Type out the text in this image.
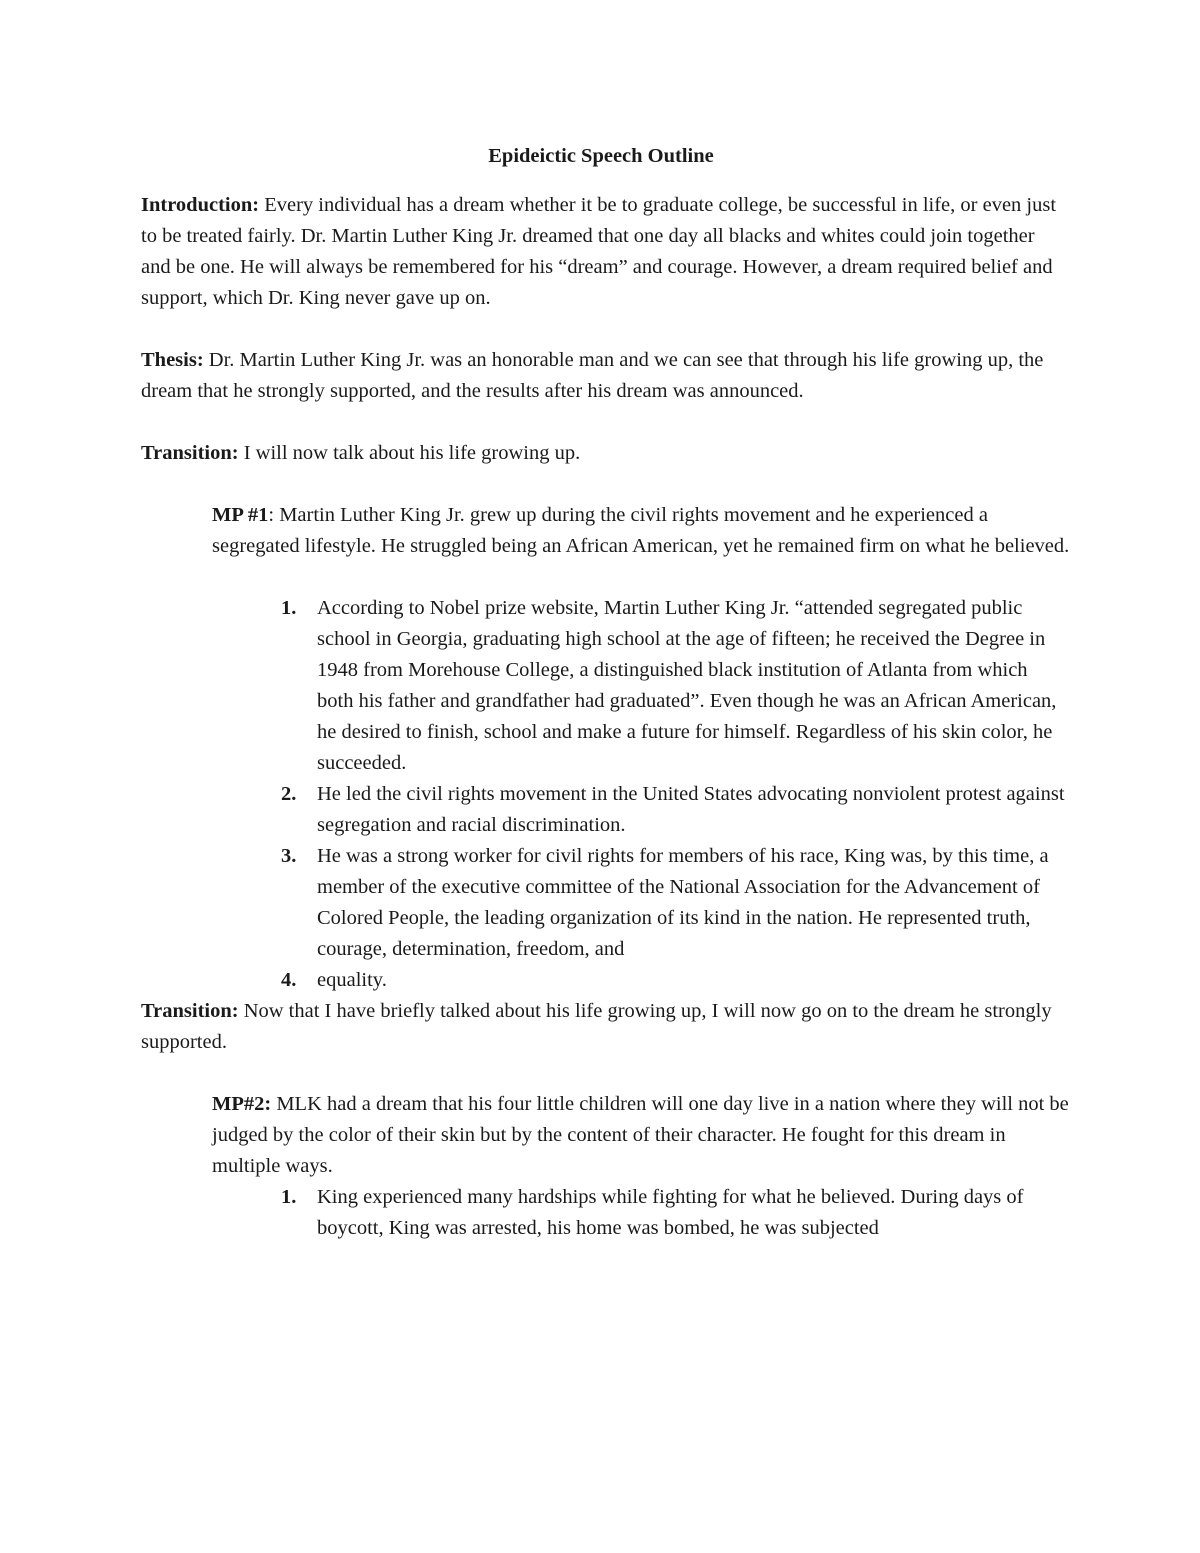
Epideictic Speech Outline

Introduction: Every individual has a dream whether it be to graduate college, be successful in life, or even just to be treated fairly. Dr. Martin Luther King Jr. dreamed that one day all blacks and whites could join together and be one. He will always be remembered for his “dream” and courage. However, a dream required belief and support, which Dr. King never gave up on.

Thesis: Dr. Martin Luther King Jr. was an honorable man and we can see that through his life growing up, the dream that he strongly supported, and the results after his dream was announced.

Transition: I will now talk about his life growing up.

MP #1: Martin Luther King Jr. grew up during the civil rights movement and he experienced a segregated lifestyle. He struggled being an African American, yet he remained firm on what he believed.

1. According to Nobel prize website, Martin Luther King Jr. “attended segregated public school in Georgia, graduating high school at the age of fifteen; he received the Degree in 1948 from Morehouse College, a distinguished black institution of Atlanta from which both his father and grandfather had graduated”. Even though he was an African American, he desired to finish, school and make a future for himself. Regardless of his skin color, he succeeded.
2. He led the civil rights movement in the United States advocating nonviolent protest against segregation and racial discrimination.
3. He was a strong worker for civil rights for members of his race, King was, by this time, a member of the executive committee of the National Association for the Advancement of Colored People, the leading organization of its kind in the nation. He represented truth, courage, determination, freedom, and
4. equality.

Transition: Now that I have briefly talked about his life growing up, I will now go on to the dream he strongly supported.

MP#2: MLK had a dream that his four little children will one day live in a nation where they will not be judged by the color of their skin but by the content of their character. He fought for this dream in multiple ways.

1. King experienced many hardships while fighting for what he believed. During days of boycott, King was arrested, his home was bombed, he was subjected
